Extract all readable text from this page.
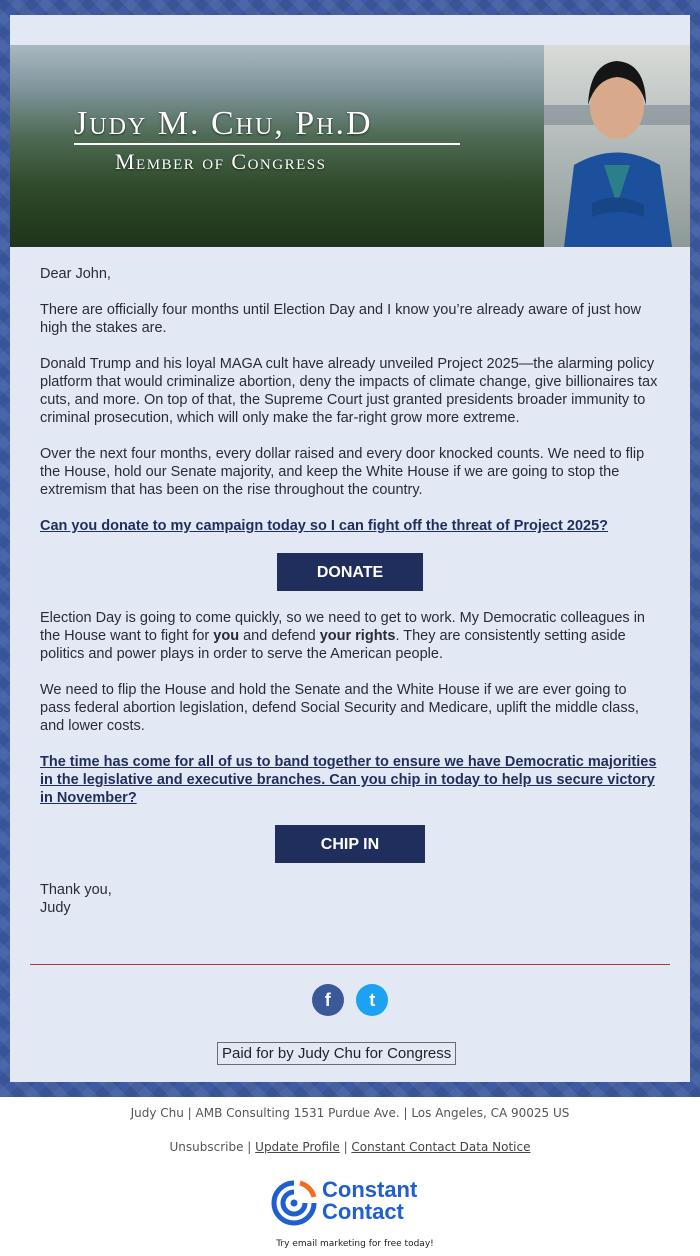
Judy M. Chu, Ph.D
Member of Congress

Dear John,

There are officially four months until Election Day and I know you’re already aware of just how high the stakes are.

Donald Trump and his loyal MAGA cult have already unveiled Project 2025—the alarming policy platform that would criminalize abortion, deny the impacts of climate change, give billionaires tax cuts, and more. On top of that, the Supreme Court just granted presidents broader immunity to criminal prosecution, which will only make the far-right grow more extreme.

Over the next four months, every dollar raised and every door knocked counts. We need to flip the House, hold our Senate majority, and keep the White House if we are going to stop the extremism that has been on the rise throughout the country.

Can you donate to my campaign today so I can fight off the threat of Project 2025?

DONATE

Election Day is going to come quickly, so we need to get to work. My Democratic colleagues in the House want to fight for you and defend your rights. They are consistently setting aside politics and power plays in order to serve the American people.

We need to flip the House and hold the Senate and the White House if we are ever going to pass federal abortion legislation, defend Social Security and Medicare, uplift the middle class, and lower costs.

The time has come for all of us to band together to ensure we have Democratic majorities in the legislative and executive branches. Can you chip in today to help us secure victory in November?

CHIP IN
Thank you,
Judy
f t
Paid for by Judy Chu for Congress
Judy Chu | AMB Consulting 1531 Purdue Ave. | Los Angeles, CA 90025 US
Unsubscribe | Update Profile | Constant Contact Data Notice
Constant
Contact
Try email marketing for free today!
